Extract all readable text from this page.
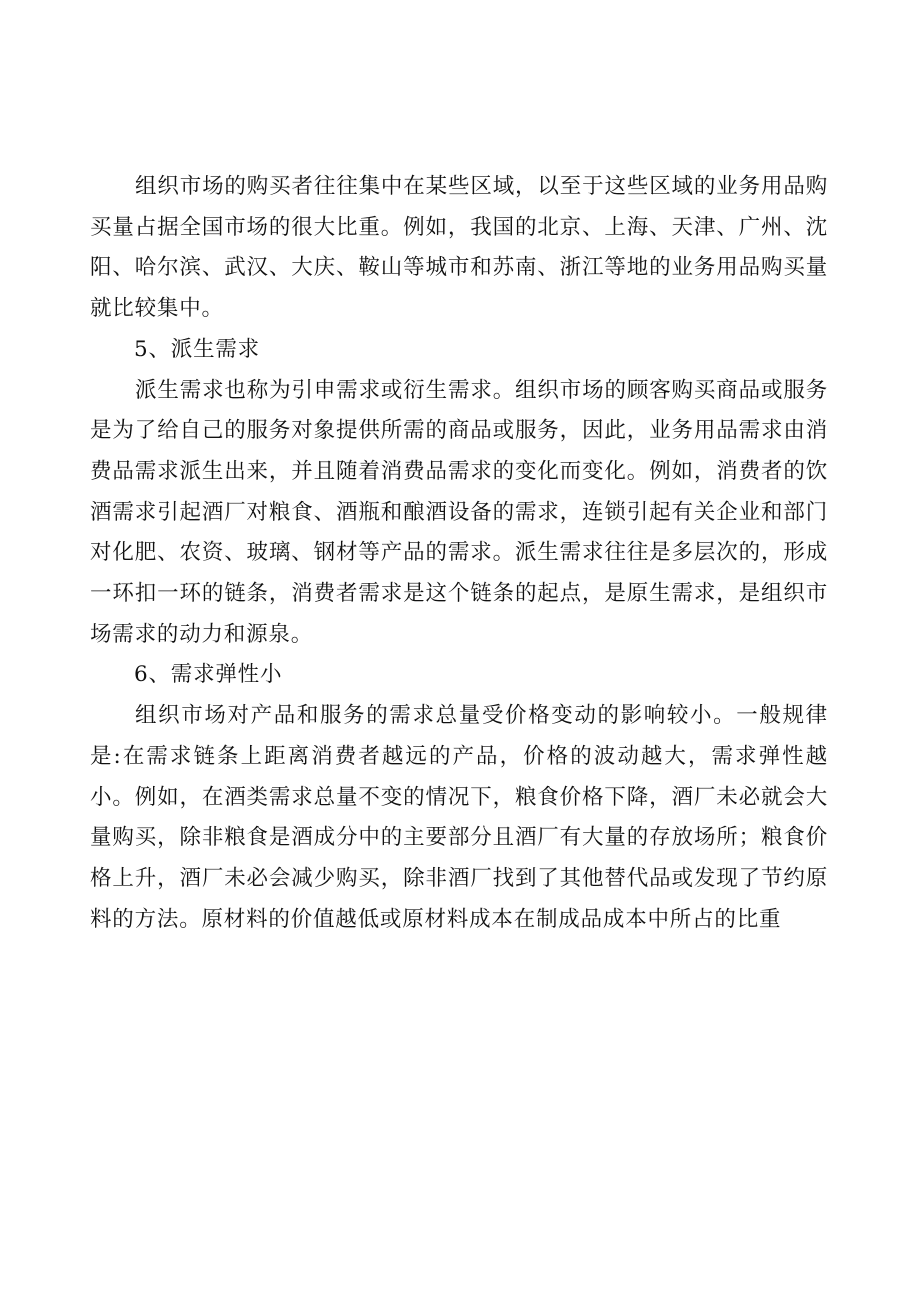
组织市场的购买者往往集中在某些区域，以至于这些区域的业务用品购买量占据全国市场的很大比重。例如，我国的北京、上海、天津、广州、沈阳、哈尔滨、武汉、大庆、鞍山等城市和苏南、浙江等地的业务用品购买量就比较集中。

5、派生需求

派生需求也称为引申需求或衍生需求。组织市场的顾客购买商品或服务是为了给自己的服务对象提供所需的商品或服务，因此，业务用品需求由消费品需求派生出来，并且随着消费品需求的变化而变化。例如，消费者的饮酒需求引起酒厂对粮食、酒瓶和酿酒设备的需求，连锁引起有关企业和部门对化肥、农资、玻璃、钢材等产品的需求。派生需求往往是多层次的，形成一环扣一环的链条，消费者需求是这个链条的起点，是原生需求，是组织市场需求的动力和源泉。

6、需求弹性小

组织市场对产品和服务的需求总量受价格变动的影响较小。一般规律是:在需求链条上距离消费者越远的产品，价格的波动越大，需求弹性越小。例如，在酒类需求总量不变的情况下，粮食价格下降，酒厂未必就会大量购买，除非粮食是酒成分中的主要部分且酒厂有大量的存放场所；粮食价格上升，酒厂未必会减少购买，除非酒厂找到了其他替代品或发现了节约原料的方法。原材料的价值越低或原材料成本在制成品成本中所占的比重
